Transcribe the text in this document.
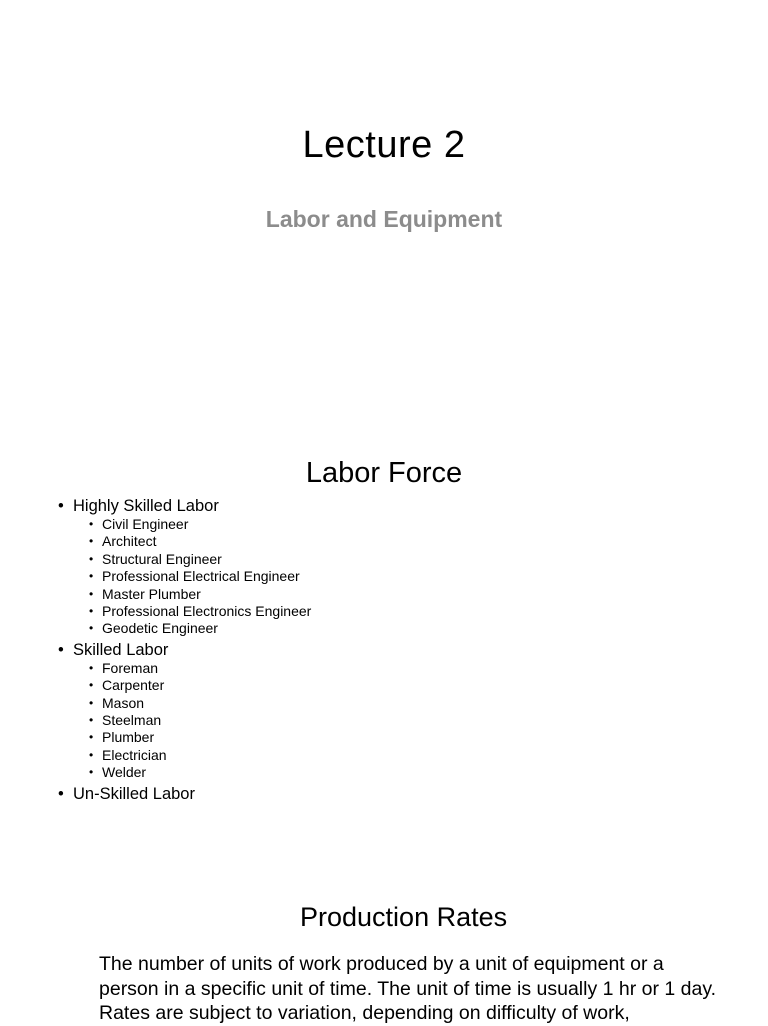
Lecture 2
Labor and Equipment
Labor Force
• Highly Skilled Labor
• Civil Engineer
• Architect
• Structural Engineer
• Professional Electrical Engineer
• Master Plumber
• Professional Electronics Engineer
• Geodetic Engineer
• Skilled Labor
• Foreman
• Carpenter
• Mason
• Steelman
• Plumber
• Electrician
• Welder
• Un-Skilled Labor
Production Rates

The number of units of work produced by a unit of equipment or a person in a specific unit of time. The unit of time is usually 1 hr or 1 day. Rates are subject to variation, depending on difficulty of work,
